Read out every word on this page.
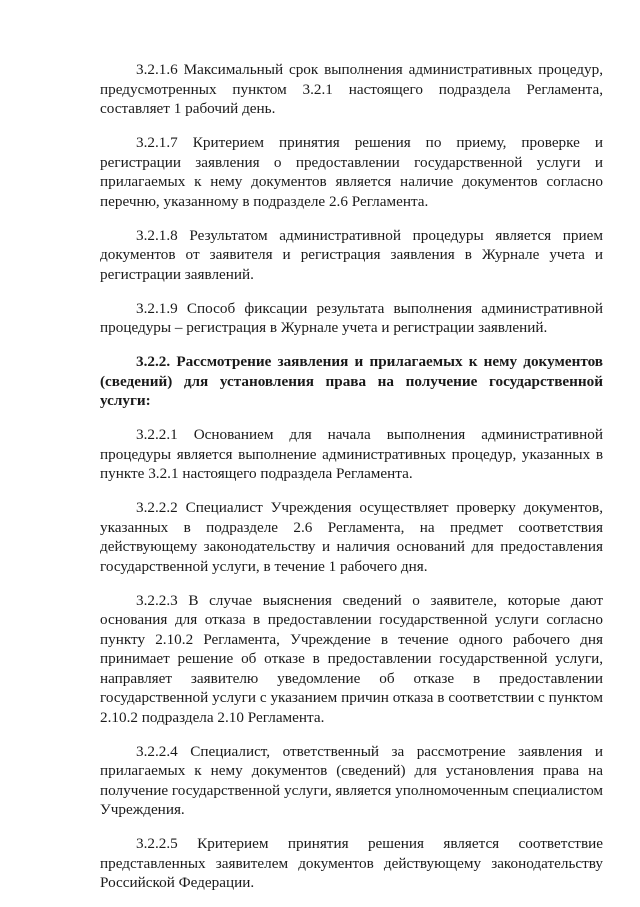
3.2.1.6 Максимальный срок выполнения административных процедур, предусмотренных пунктом 3.2.1 настоящего подраздела Регламента, составляет 1 рабочий день.

3.2.1.7 Критерием принятия решения по приему, проверке и регистрации заявления о предоставлении государственной услуги и прилагаемых к нему документов является наличие документов согласно перечню, указанному в подразделе 2.6 Регламента.

3.2.1.8 Результатом административной процедуры является прием документов от заявителя и регистрация заявления в Журнале учета и регистрации заявлений.

3.2.1.9 Способ фиксации результата выполнения административной процедуры – регистрация в Журнале учета и регистрации заявлений.

3.2.2. Рассмотрение заявления и прилагаемых к нему документов (сведений) для установления права на получение государственной услуги:

3.2.2.1 Основанием для начала выполнения административной процедуры является выполнение административных процедур, указанных в пункте 3.2.1 настоящего подраздела Регламента.

3.2.2.2 Специалист Учреждения осуществляет проверку документов, указанных в подразделе 2.6 Регламента, на предмет соответствия действующему законодательству и наличия оснований для предоставления государственной услуги, в течение 1 рабочего дня.

3.2.2.3 В случае выяснения сведений о заявителе, которые дают основания для отказа в предоставлении государственной услуги согласно пункту 2.10.2 Регламента, Учреждение в течение одного рабочего дня принимает решение об отказе в предоставлении государственной услуги, направляет заявителю уведомление об отказе в предоставлении государственной услуги с указанием причин отказа в соответствии с пунктом 2.10.2 подраздела 2.10 Регламента.

3.2.2.4 Специалист, ответственный за рассмотрение заявления и прилагаемых к нему документов (сведений) для установления права на получение государственной услуги, является уполномоченным специалистом Учреждения.

3.2.2.5 Критерием принятия решения является соответствие представленных заявителем документов действующему законодательству Российской Федерации.
